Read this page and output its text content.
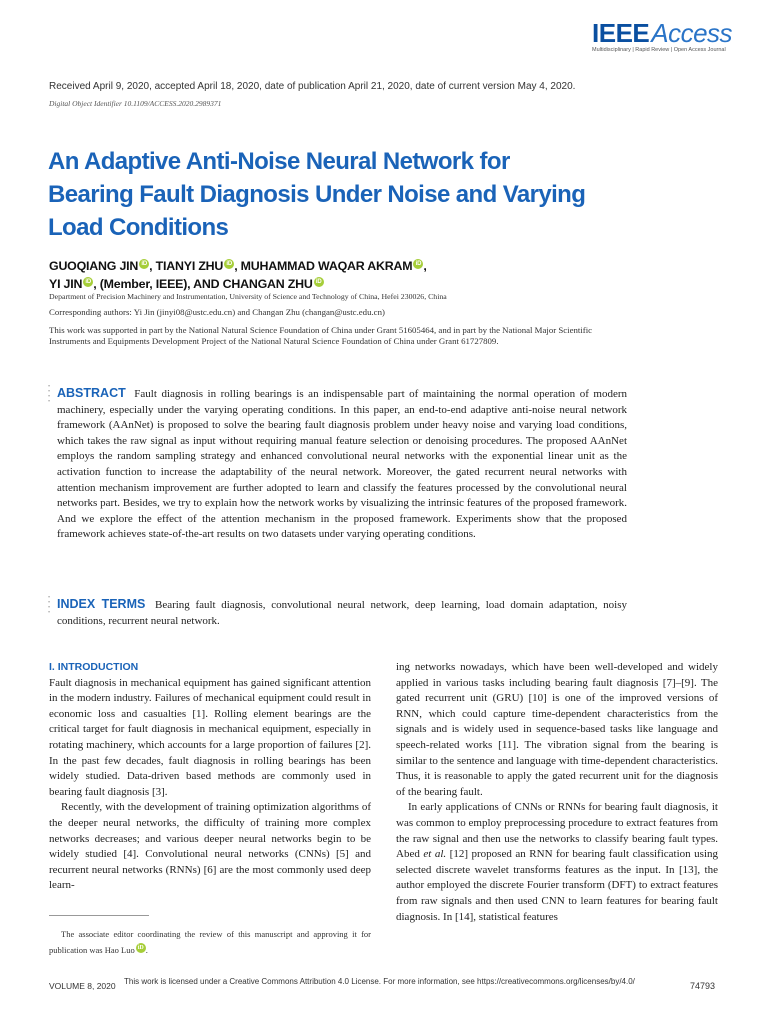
IEEEAccess
Multidisciplinary | Rapid Review | Open Access Journal
Received April 9, 2020, accepted April 18, 2020, date of publication April 21, 2020, date of current version May 4, 2020.
Digital Object Identifier 10.1109/ACCESS.2020.2989371
An Adaptive Anti-Noise Neural Network for
Bearing Fault Diagnosis Under Noise and Varying
Load Conditions
GUOQIANG JIN iD , TIANYI ZHU iD , MUHAMMAD WAQAR AKRAM iD ,
YI JIN iD , (Member, IEEE), AND CHANGAN ZHU iD
Department of Precision Machinery and Instrumentation, University of Science and Technology of China, Hefei 230026, China
Corresponding authors: Yi Jin (jinyi08@ustc.edu.cn) and Changan Zhu (changan@ustc.edu.cn)
This work was supported in part by the National Natural Science Foundation of China under Grant 51605464, and in part by the National Major Scientific Instruments and Equipments Development Project of the National Natural Science Foundation of China under Grant 61727809.
•
•
•
•
ABSTRACT Fault diagnosis in rolling bearings is an indispensable part of maintaining the normal operation of modern machinery, especially under the varying operating conditions. In this paper, an end-to-end adaptive anti-noise neural network framework (AAnNet) is proposed to solve the bearing fault diagnosis problem under heavy noise and varying load conditions, which takes the raw signal as input without requiring manual feature selection or denoising procedures. The proposed AAnNet employs the random sampling strategy and enhanced convolutional neural networks with the exponential linear unit as the activation function to increase the adaptability of the neural network. Moreover, the gated recurrent neural networks with attention mechanism improvement are further adopted to learn and classify the features processed by the convolutional neural networks part. Besides, we try to explain how the network works by visualizing the intrinsic features of the proposed framework. And we explore the effect of the attention mechanism in the proposed framework. Experiments show that the proposed framework achieves state-of-the-art results on two datasets under varying operating conditions.
•
•
•
•
INDEX TERMS Bearing fault diagnosis, convolutional neural network, deep learning, load domain adaptation, noisy conditions, recurrent neural network.
I. INTRODUCTION

Fault diagnosis in mechanical equipment has gained significant attention in the modern industry. Failures of mechanical equipment could result in economic loss and casualties [1]. Rolling element bearings are the critical target for fault diagnosis in mechanical equipment, especially in rotating machinery, which accounts for a large proportion of failures [2]. In the past few decades, fault diagnosis in rolling bearings has been widely studied. Data-driven based methods are commonly used in bearing fault diagnosis [3].

Recently, with the development of training optimization algorithms of the deeper neural networks, the difficulty of training more complex networks decreases; and various deeper neural networks begin to be widely studied [4]. Convolutional neural networks (CNNs) [5] and recurrent neural networks (RNNs) [6] are the most commonly used deep learn-

ing networks nowadays, which have been well-developed and widely applied in various tasks including bearing fault diagnosis [7]–[9]. The gated recurrent unit (GRU) [10] is one of the improved versions of RNN, which could capture time-dependent characteristics from the signals and is widely used in sequence-based tasks like language and speech-related works [11]. The vibration signal from the bearing is similar to the sentence and language with time-dependent characteristics. Thus, it is reasonable to apply the gated recurrent unit for the diagnosis of the bearing fault.

In early applications of CNNs or RNNs for bearing fault diagnosis, it was common to employ preprocessing procedure to extract features from the raw signal and then use the networks to classify bearing fault types. Abed et al. [12] proposed an RNN for bearing fault classification using selected discrete wavelet transforms features as the input. In [13], the author employed the discrete Fourier transform (DFT) to extract features from raw signals and then used CNN to learn features for bearing fault diagnosis. In [14], statistical features

The associate editor coordinating the review of this manuscript and approving it for publication was Hao Luo iD .
VOLUME 8, 2020 This work is licensed under a Creative Commons Attribution 4.0 License. For more information, see https://creativecommons.org/licenses/by/4.0/	74793
